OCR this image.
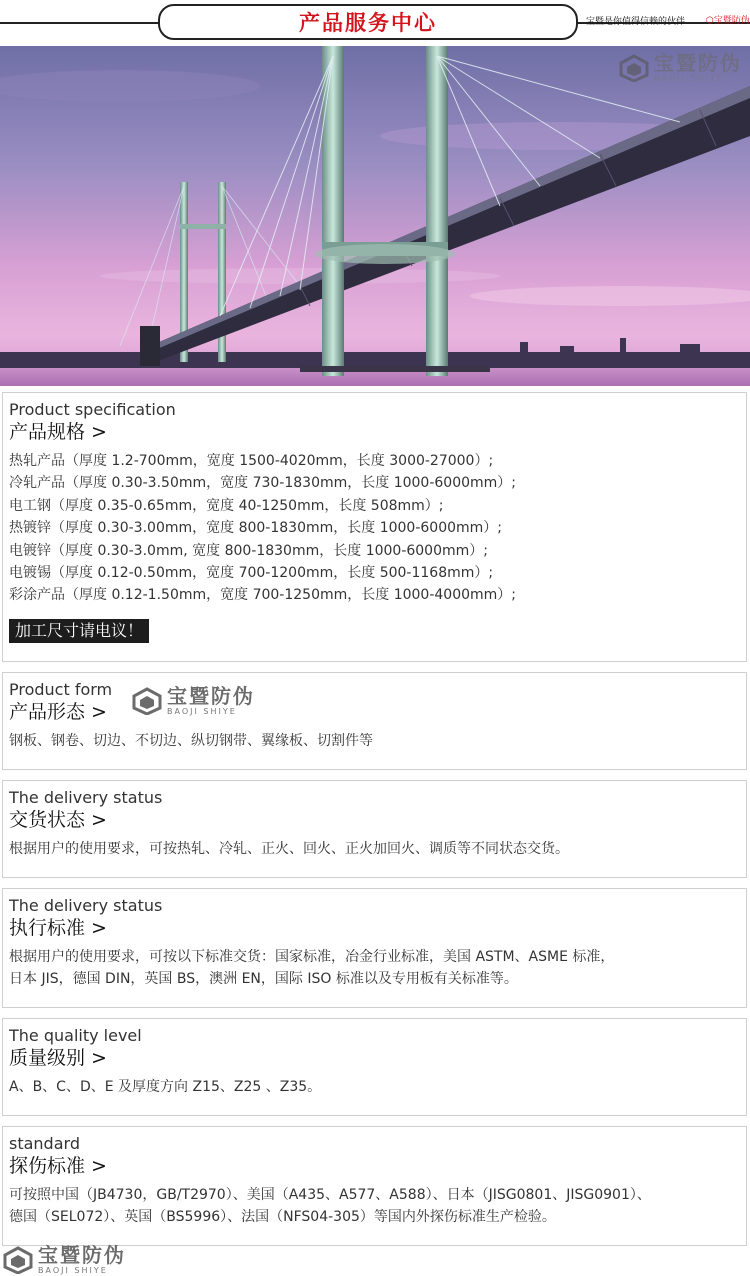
产品服务中心	宝暨是你值得信赖的伙伴 ⬡宝暨防伪
宝暨防伪
BAOJI SHIYE
Product specification
产品规格 >

热轧产品（厚度 1.2-700mm，宽度 1500-4020mm，长度 3000-27000）;

冷轧产品（厚度 0.30-3.50mm，宽度 730-1830mm，长度 1000-6000mm）;

电工钢（厚度 0.35-0.65mm，宽度 40-1250mm，长度 508mm）;

热镀锌（厚度 0.30-3.00mm，宽度 800-1830mm，长度 1000-6000mm）;

电镀锌（厚度 0.30-3.0mm, 宽度 800-1830mm，长度 1000-6000mm）;

电镀锡（厚度 0.12-0.50mm，宽度 700-1200mm，长度 500-1168mm）;

彩涂产品（厚度 0.12-1.50mm，宽度 700-1250mm，长度 1000-4000mm）;

加工尺寸请电议！
Product form
产品形态 >
钢板、钢卷、切边、不切边、纵切钢带、翼缘板、切割件等
宝暨防伪
BAOJI SHIYE
The delivery status
交货状态 >
根据用户的使用要求，可按热轧、冷轧、正火、回火、正火加回火、调质等不同状态交货。
The delivery status
执行标准 >

根据用户的使用要求，可按以下标准交货：国家标准，冶金行业标准，美国 ASTM、ASME 标准，

日本 JIS，德国 DIN，英国 BS，澳洲 EN，国际 ISO 标准以及专用板有关标准等。

The quality level
质量级别 >
A、B、C、D、E 及厚度方向 Z15、Z25 、Z35。
standard
探伤标准 >

可按照中国（JB4730，GB/T2970）、美国（A435、A577、A588）、日本（JISG0801、JISG0901）、

德国（SEL072）、英国（BS5996）、法国（NFS04-305）等国内外探伤标准生产检验。

宝暨防伪
BAOJI SHIYE
